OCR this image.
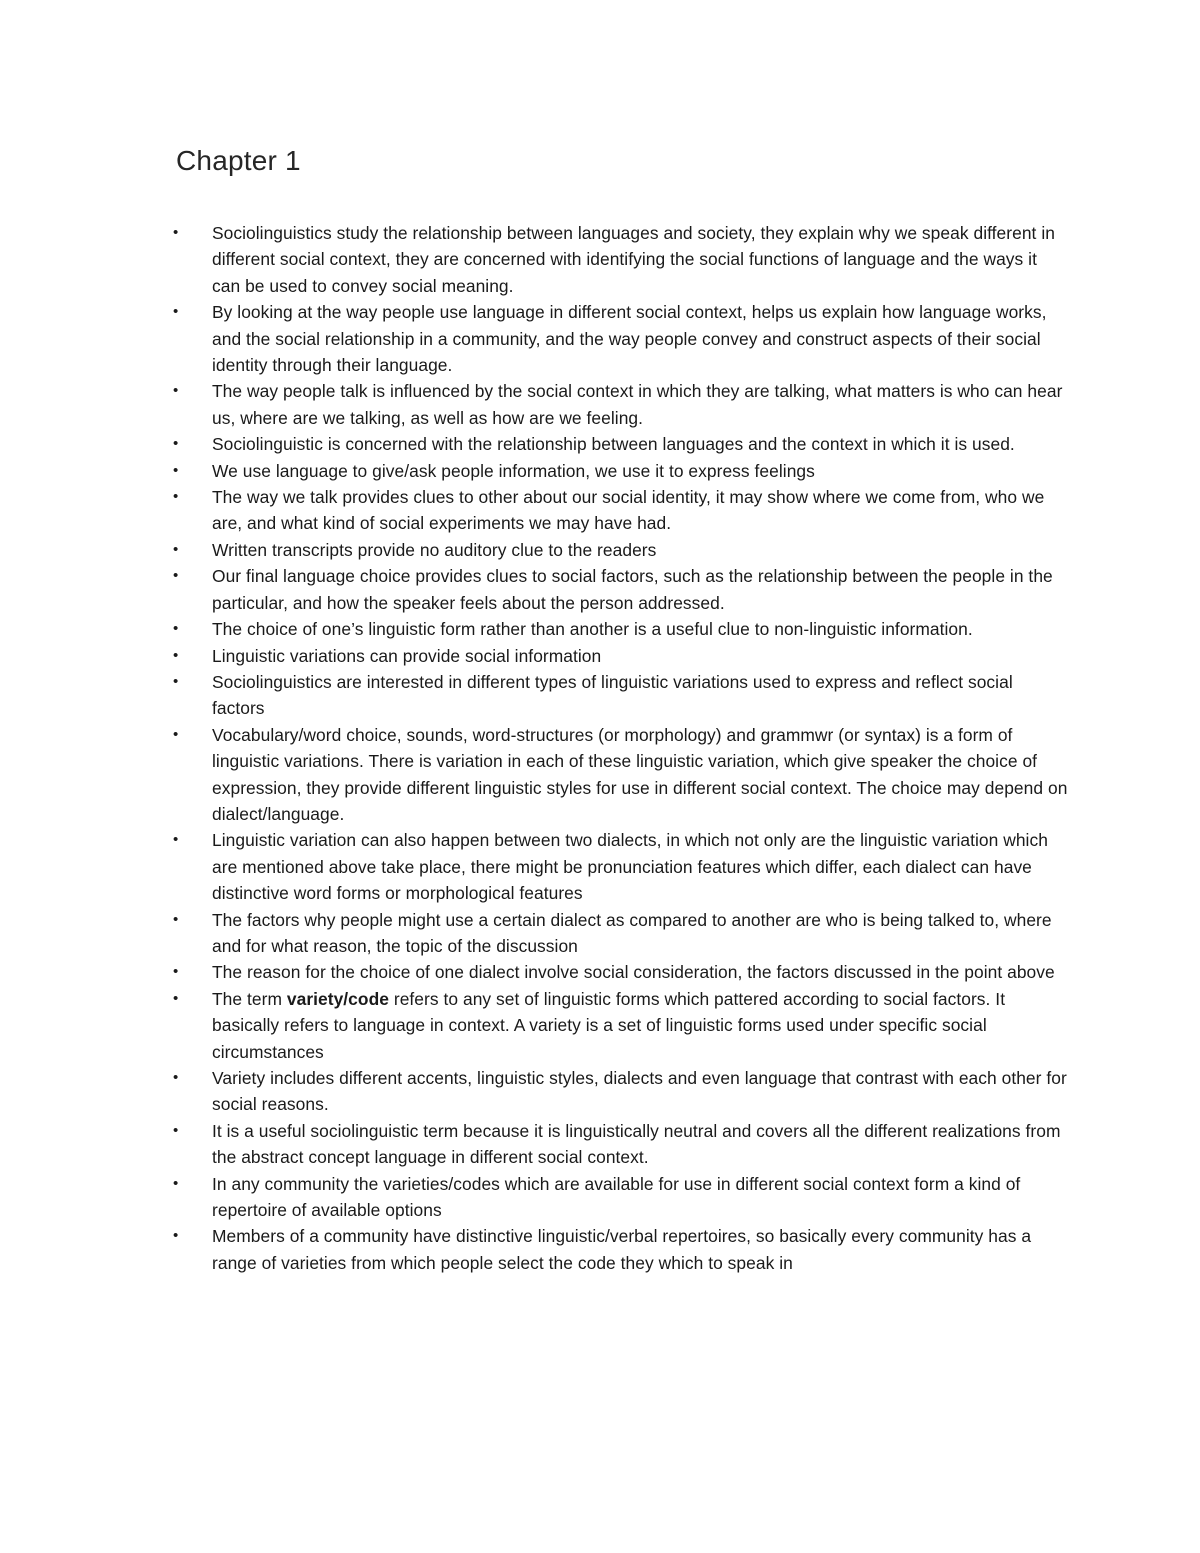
Chapter 1
•	Sociolinguistics study the relationship between languages and society, they explain why we speak different in different social context, they are concerned with identifying the social functions of language and the ways it can be used to convey social meaning.
•	By looking at the way people use language in different social context, helps us explain how language works, and the social relationship in a community, and the way people convey and construct aspects of their social identity through their language.
•	The way people talk is influenced by the social context in which they are talking, what matters is who can hear us, where are we talking, as well as how are we feeling.
•	Sociolinguistic is concerned with the relationship between languages and the context in which it is used.
•	We use language to give/ask people information, we use it to express feelings
•	The way we talk provides clues to other about our social identity, it may show where we come from, who we are, and what kind of social experiments we may have had.
•	Written transcripts provide no auditory clue to the readers
•	Our final language choice provides clues to social factors, such as the relationship between the people in the particular, and how the speaker feels about the person addressed.
•	The choice of one’s linguistic form rather than another is a useful clue to non-linguistic information.
•	Linguistic variations can provide social information
•	Sociolinguistics are interested in different types of linguistic variations used to express and reflect social factors
•	Vocabulary/word choice, sounds, word-structures (or morphology) and grammwr (or syntax) is a form of linguistic variations. There is variation in each of these linguistic variation, which give speaker the choice of expression, they provide different linguistic styles for use in different social context. The choice may depend on dialect/language.
•	Linguistic variation can also happen between two dialects, in which not only are the linguistic variation which are mentioned above take place, there might be pronunciation features which differ, each dialect can have distinctive word forms or morphological features
•	The factors why people might use a certain dialect as compared to another are who is being talked to, where and for what reason, the topic of the discussion
•	The reason for the choice of one dialect involve social consideration, the factors discussed in the point above
•	The term variety/code refers to any set of linguistic forms which pattered according to social factors. It basically refers to language in context. A variety is a set of linguistic forms used under specific social circumstances
•	Variety includes different accents, linguistic styles, dialects and even language that contrast with each other for social reasons.
•	It is a useful sociolinguistic term because it is linguistically neutral and covers all the different realizations from the abstract concept language in different social context.
•	In any community the varieties/codes which are available for use in different social context form a kind of repertoire of available options
•	Members of a community have distinctive linguistic/verbal repertoires, so basically every community has a range of varieties from which people select the code they which to speak in
